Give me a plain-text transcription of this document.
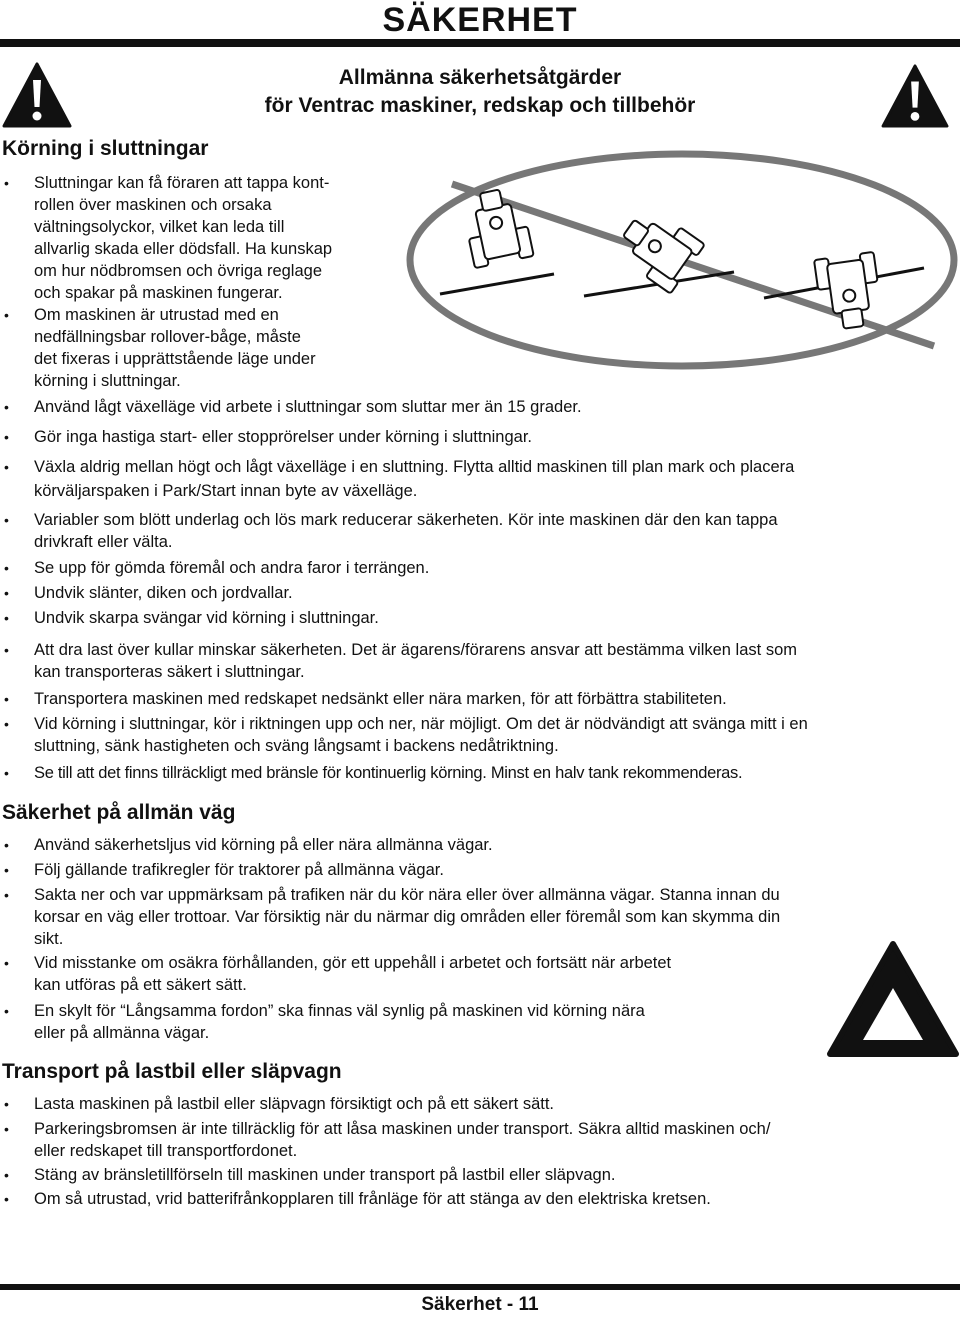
SÄKERHET
Allmänna säkerhetsåtgärder
för Ventrac maskiner, redskap och tillbehör
Körning i sluttningar
• Sluttningar kan få föraren att tappa kont-
rollen över maskinen och orsaka
vältningsolyckor, vilket kan leda till
allvarlig skada eller dödsfall. Ha kunskap
om hur nödbromsen och övriga reglage
och spakar på maskinen fungerar.
• Om maskinen är utrustad med en
nedfällningsbar rollover-båge, måste
det fixeras i upprättstående läge under
körning i sluttningar.
• Använd lågt växelläge vid arbete i sluttningar som sluttar mer än 15 grader.
• Gör inga hastiga start- eller stopprörelser under körning i sluttningar.
• Växla aldrig mellan högt och lågt växelläge i en sluttning. Flytta alltid maskinen till plan mark och placera
körväljarspaken i Park/Start innan byte av växelläge.
• Variabler som blött underlag och lös mark reducerar säkerheten. Kör inte maskinen där den kan tappa
drivkraft eller välta.
• Se upp för gömda föremål och andra faror i terrängen.
• Undvik slänter, diken och jordvallar.
• Undvik skarpa svängar vid körning i sluttningar.
• Att dra last över kullar minskar säkerheten. Det är ägarens/förarens ansvar att bestämma vilken last som
kan transporteras säkert i sluttningar.
• Transportera maskinen med redskapet nedsänkt eller nära marken, för att förbättra stabiliteten.
• Vid körning i sluttningar, kör i riktningen upp och ner, när möjligt. Om det är nödvändigt att svänga mitt i en
sluttning, sänk hastigheten och sväng långsamt i backens nedåtriktning.
• Se till att det finns tillräckligt med bränsle för kontinuerlig körning. Minst en halv tank rekommenderas.
Säkerhet på allmän väg
• Använd säkerhetsljus vid körning på eller nära allmänna vägar.
• Följ gällande trafikregler för traktorer på allmänna vägar.
• Sakta ner och var uppmärksam på trafiken när du kör nära eller över allmänna vägar. Stanna innan du
korsar en väg eller trottoar. Var försiktig när du närmar dig områden eller föremål som kan skymma din
sikt.
• Vid misstanke om osäkra förhållanden, gör ett uppehåll i arbetet och fortsätt när arbetet
kan utföras på ett säkert sätt.
• En skylt för “Långsamma fordon” ska finnas väl synlig på maskinen vid körning nära
eller på allmänna vägar.
Transport på lastbil eller släpvagn
• Lasta maskinen på lastbil eller släpvagn försiktigt och på ett säkert sätt.
• Parkeringsbromsen är inte tillräcklig för att låsa maskinen under transport. Säkra alltid maskinen och/
eller redskapet till transportfordonet.
• Stäng av bränsletillförseln till maskinen under transport på lastbil eller släpvagn.
• Om så utrustad, vrid batterifrånkopplaren till frånläge för att stänga av den elektriska kretsen.
Säkerhet - 11
